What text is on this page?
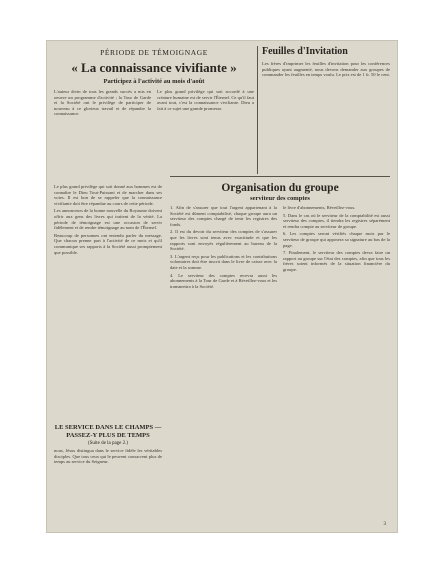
PÉRIODE DE TÉMOIGNAGE
« La connaissance vivifiante »
Participez à l'activité au mois d'août

L'auteur divin de tous les grands succès a mis en oeuvre un programme d'activité ; la Tour de Garde et la Société ont le privilège de participer de nouveau à ce glorieux travail et de répandre la connaissance.

Le plus grand privilège qui soit accordé à une créature humaine est de servir l'Éternel. Ce qu'il faut avant tout, c'est la connaissance vivifiante. Dieu a fait à ce sujet une grande promesse.

Feuilles d'Invitation

Les frères d'imprimer les feuilles d'invitation pour les conférences publiques ayant augmenté, nous devons demander aux groupes de commander les feuilles en temps voulu. Le prix est de 1 fr. 50 le cent.

Le plus grand privilège qui soit donné aux hommes est de connaître le Dieu Tout-Puissant et de marcher dans ses voies. Il est bon de se rappeler que la connaissance vivifiante doit être répandue au cours de cette période.

Les annonceurs de la bonne nouvelle du Royaume doivent offrir aux gens des livres qui traitent de la vérité. La période de témoignage est une occasion de servir fidèlement et de rendre témoignage au nom de l'Éternel.

Beaucoup de personnes ont entendu parler du message. Que chacun prenne part à l'activité de ce mois et qu'il communique ses rapports à la Société aussi promptement que possible.

LE SERVICE DANS LE CHAMPS — PASSEZ-Y PLUS DE TEMPS
(Suite de la page 2.)

nous, Jésus distingua dans le service fidèle les véritables disciples. Que tous ceux qui le peuvent consacrent plus de temps au service du Seigneur.

Organisation du groupe
serviteur des comptes

1. Afin de s'assurer que tout l'argent appartenant à la Société est dûment comptabilisé, chaque groupe aura un serviteur des comptes chargé de tenir les registres des fonds.

2. Il est du devoir du serviteur des comptes de s'assurer que les livres sont tenus avec exactitude et que les rapports sont envoyés régulièrement au bureau de la Société.

3. L'argent reçu pour les publications et les contributions volontaires doit être inscrit dans le livre de caisse avec la date et la somme.

4. Le serviteur des comptes recevra aussi les abonnements à la Tour de Garde et à Réveillez-vous et les transmettra à la Société.

le livre d'abonnements, Réveillez-vous.

5. Dans le cas où le serviteur de la comptabilité est aussi serviteur des comptes, il tiendra les registres séparément et rendra compte au serviteur de groupe.

6. Les comptes seront vérifiés chaque mois par le serviteur de groupe qui apposera sa signature au bas de la page.

7. Finalement, le serviteur des comptes devra faire un rapport au groupe sur l'état des comptes, afin que tous les frères soient informés de la situation financière du groupe.

3
